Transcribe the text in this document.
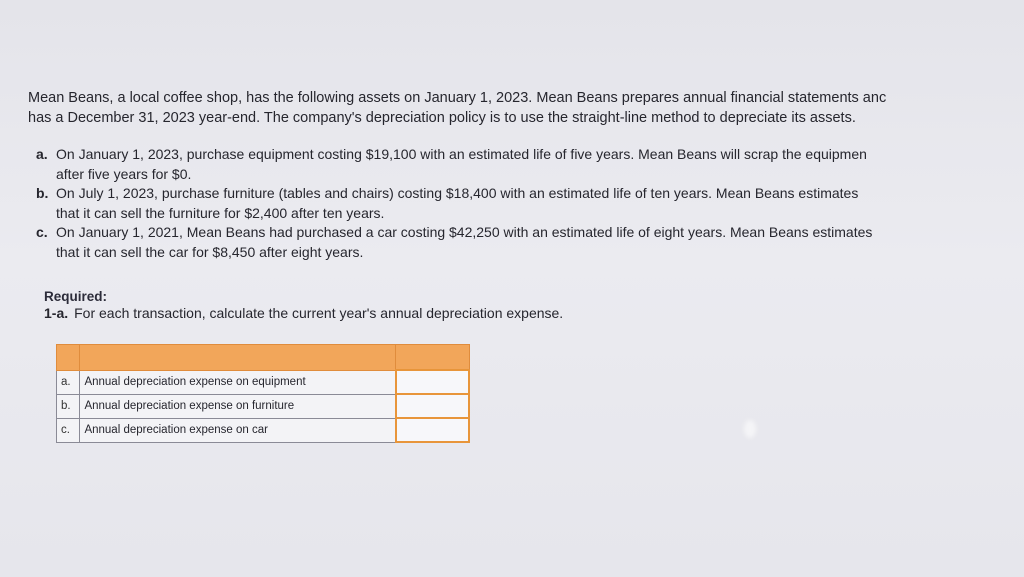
Mean Beans, a local coffee shop, has the following assets on January 1, 2023. Mean Beans prepares annual financial statements anc
has a December 31, 2023 year-end. The company's depreciation policy is to use the straight-line method to depreciate its assets.
a. On January 1, 2023, purchase equipment costing $19,100 with an estimated life of five years. Mean Beans will scrap the equipmen
after five years for $0.
b. On July 1, 2023, purchase furniture (tables and chairs) costing $18,400 with an estimated life of ten years. Mean Beans estimates
that it can sell the furniture for $2,400 after ten years.
c. On January 1, 2021, Mean Beans had purchased a car costing $42,250 with an estimated life of eight years. Mean Beans estimates
that it can sell the car for $8,450 after eight years.
Required:
1-a. For each transaction, calculate the current year's annual depreciation expense.

a.	Annual depreciation expense on equipment	
b.	Annual depreciation expense on furniture	
c.	Annual depreciation expense on car	
